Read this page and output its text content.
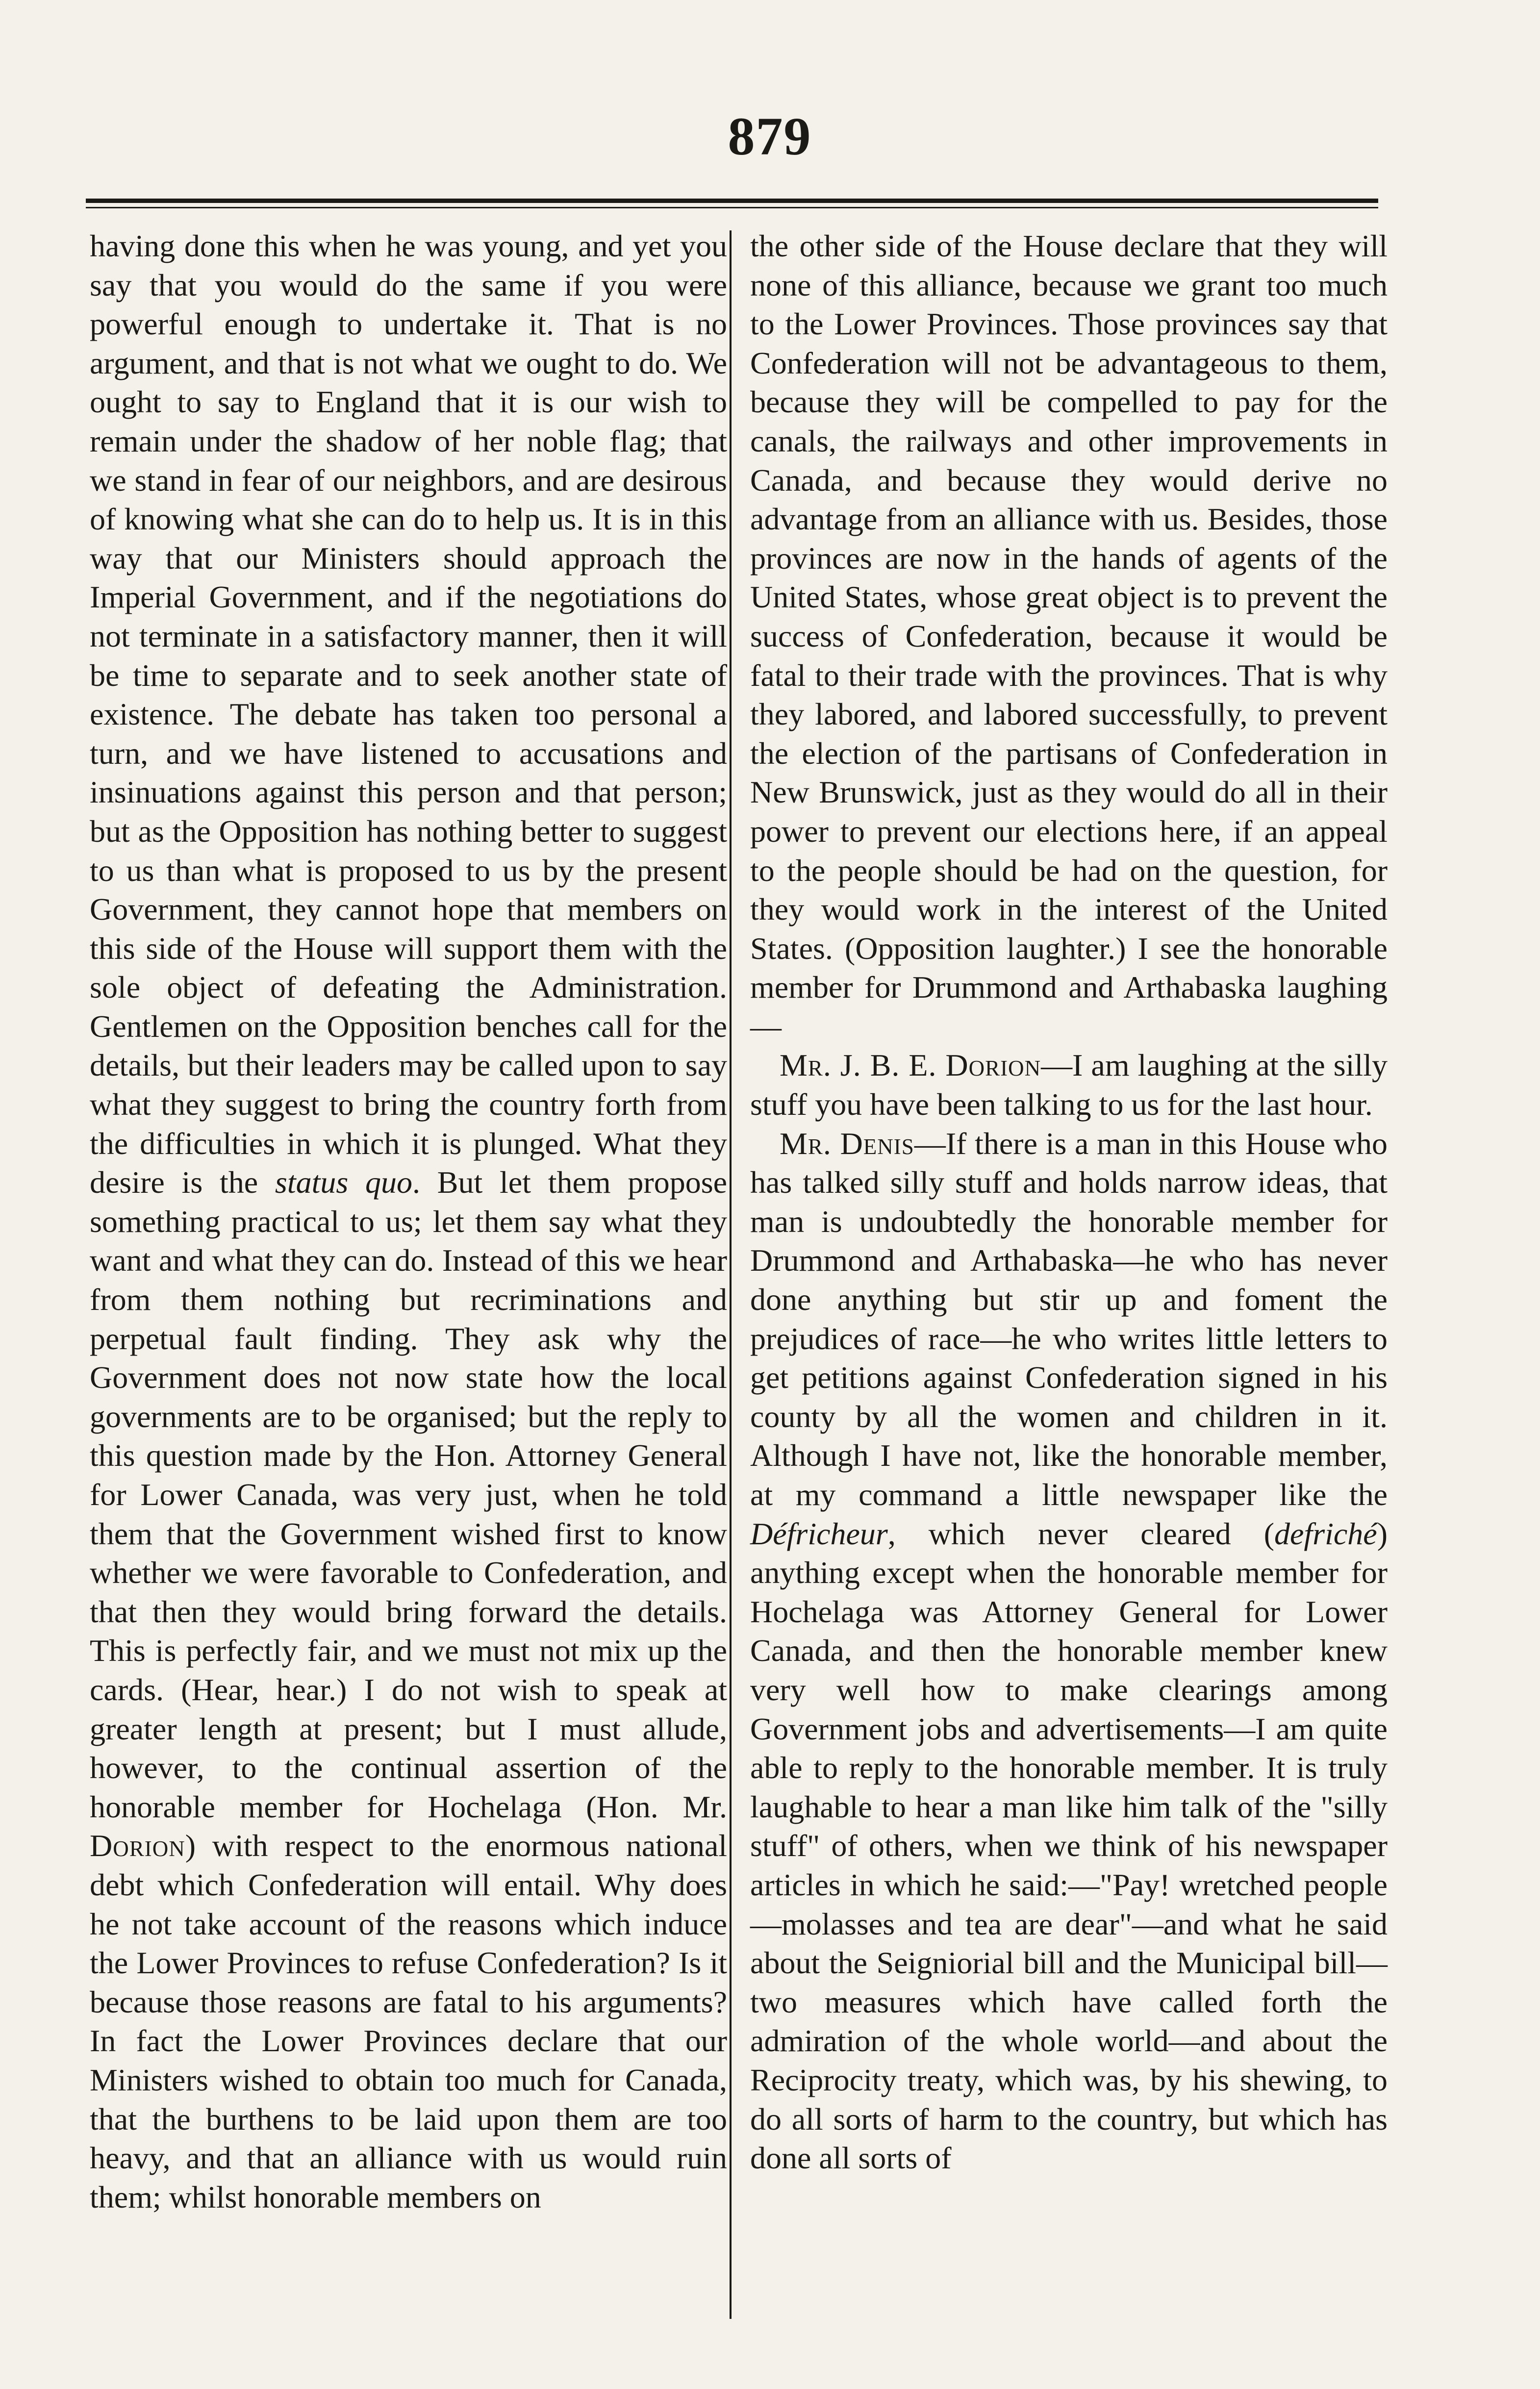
879

having done this when he was young, and yet you say that you would do the same if you were powerful enough to undertake it. That is no argument, and that is not what we ought to do. We ought to say to England that it is our wish to remain under the shadow of her noble flag; that we stand in fear of our neighbors, and are desirous of knowing what she can do to help us. It is in this way that our Ministers should approach the Imperial Government, and if the negotiations do not terminate in a satisfactory manner, then it will be time to separate and to seek another state of existence. The debate has taken too personal a turn, and we have listened to accusations and insinuations against this person and that person; but as the Opposition has nothing better to suggest to us than what is proposed to us by the present Government, they cannot hope that members on this side of the House will support them with the sole object of defeating the Administration. Gentlemen on the Opposition benches call for the details, but their leaders may be called upon to say what they suggest to bring the country forth from the difficulties in which it is plunged. What they desire is the status quo. But let them propose something practical to us; let them say what they want and what they can do. Instead of this we hear from them nothing but recriminations and perpetual fault finding. They ask why the Government does not now state how the local governments are to be organised; but the reply to this question made by the Hon. Attorney General for Lower Canada, was very just, when he told them that the Government wished first to know whether we were favorable to Confederation, and that then they would bring forward the details. This is perfectly fair, and we must not mix up the cards. (Hear, hear.) I do not wish to speak at greater length at present; but I must allude, however, to the continual assertion of the honorable member for Hochelaga (Hon. Mr. Dorion) with respect to the enormous national debt which Confederation will entail. Why does he not take account of the reasons which induce the Lower Provinces to refuse Confederation? Is it because those reasons are fatal to his arguments? In fact the Lower Provinces declare that our Ministers wished to obtain too much for Canada, that the burthens to be laid upon them are too heavy, and that an alliance with us would ruin them; whilst honorable members on

the other side of the House declare that they will none of this alliance, because we grant too much to the Lower Provinces. Those provinces say that Confederation will not be advantageous to them, because they will be compelled to pay for the canals, the railways and other improvements in Canada, and because they would derive no advantage from an alliance with us. Besides, those provinces are now in the hands of agents of the United States, whose great object is to prevent the success of Confederation, because it would be fatal to their trade with the provinces. That is why they labored, and labored successfully, to prevent the election of the partisans of Confederation in New Brunswick, just as they would do all in their power to prevent our elections here, if an appeal to the people should be had on the question, for they would work in the interest of the United States. (Opposition laughter.) I see the honorable member for Drummond and Arthabaska laughing—

Mr. J. B. E. Dorion—I am laughing at the silly stuff you have been talking to us for the last hour.

Mr. Denis—If there is a man in this House who has talked silly stuff and holds narrow ideas, that man is undoubtedly the honorable member for Drummond and Arthabaska—he who has never done anything but stir up and foment the prejudices of race—he who writes little letters to get petitions against Confederation signed in his county by all the women and children in it. Although I have not, like the honorable member, at my command a little newspaper like the Défricheur, which never cleared (defriché) anything except when the honorable member for Hochelaga was Attorney General for Lower Canada, and then the honorable member knew very well how to make clearings among Government jobs and advertisements—I am quite able to reply to the honorable member. It is truly laughable to hear a man like him talk of the "silly stuff" of others, when we think of his newspaper articles in which he said:—"Pay! wretched people—molasses and tea are dear"—and what he said about the Seigniorial bill and the Municipal bill—two measures which have called forth the admiration of the whole world—and about the Reciprocity treaty, which was, by his shewing, to do all sorts of harm to the country, but which has done all sorts of
